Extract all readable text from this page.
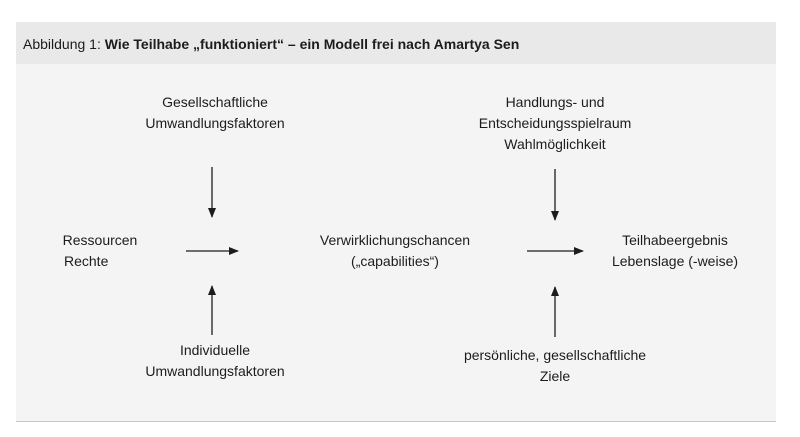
Abbildung 1: Wie Teilhabe „funktioniert“ – ein Modell frei nach Amartya Sen
Gesellschaftliche
Umwandlungsfaktoren
Ressourcen
Rechte
Individuelle
Umwandlungsfaktoren
Verwirklichungschancen
(„capabilities“)
Handlungs- und
Entscheidungsspielraum
Wahlmöglichkeit
Teilhabeergebnis
Lebenslage (-weise)
persönliche, gesellschaftliche
Ziele
